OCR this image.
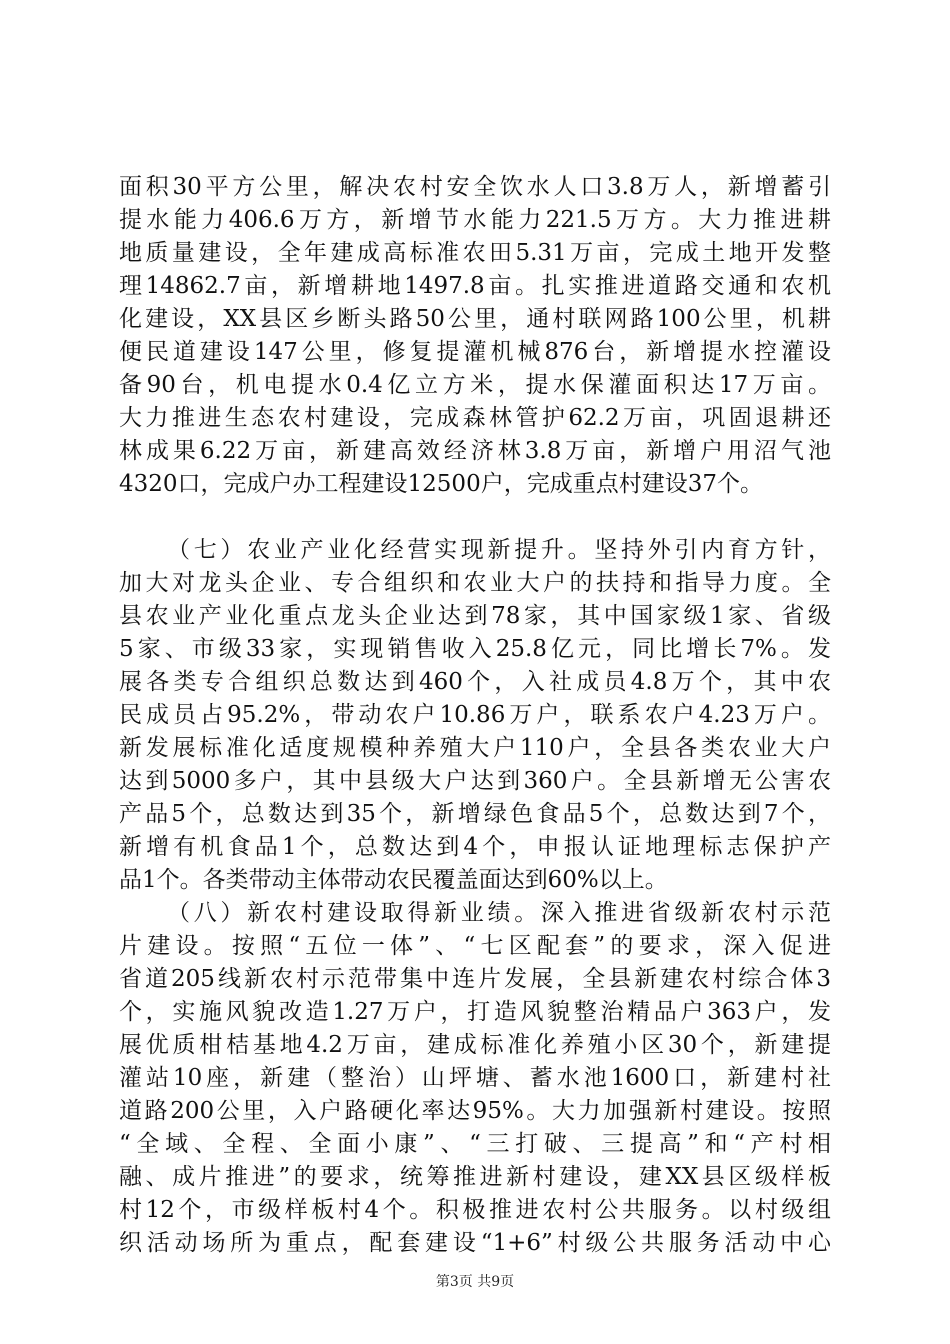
面积30平方公里，解决农村安全饮水人口3.8万人，新增蓄引
提水能力406.6万方，新增节水能力221.5万方。大力推进耕
地质量建设，全年建成高标准农田5.31万亩，完成土地开发整
理14862.7亩，新增耕地1497.8亩。扎实推进道路交通和农机
化建设，XX县区乡断头路50公里，通村联网路100公里，机耕
便民道建设147公里，修复提灌机械876台，新增提水控灌设
备90台，机电提水0.4亿立方米，提水保灌面积达17万亩。
大力推进生态农村建设，完成森林管护62.2万亩，巩固退耕还
林成果6.22万亩，新建高效经济林3.8万亩，新增户用沼气池
4320口，完成户办工程建设12500户，完成重点村建设37个。
（七）农业产业化经营实现新提升。坚持外引内育方针，
加大对龙头企业、专合组织和农业大户的扶持和指导力度。全
县农业产业化重点龙头企业达到78家，其中国家级1家、省级
5家、市级33家，实现销售收入25.8亿元，同比增长7%。发
展各类专合组织总数达到460个，入社成员4.8万个，其中农
民成员占95.2%，带动农户10.86万户，联系农户4.23万户。
新发展标准化适度规模种养殖大户110户，全县各类农业大户
达到5000多户，其中县级大户达到360户。全县新增无公害农
产品5个，总数达到35个，新增绿色食品5个，总数达到7个，
新增有机食品1个，总数达到4个，申报认证地理标志保护产
品1个。各类带动主体带动农民覆盖面达到60%以上。
（八）新农村建设取得新业绩。深入推进省级新农村示范
片建设。按照“五位一体”、“七区配套”的要求，深入促进
省道205线新农村示范带集中连片发展，全县新建农村综合体3
个，实施风貌改造1.27万户，打造风貌整治精品户363户，发
展优质柑桔基地4.2万亩，建成标准化养殖小区30个，新建提
灌站10座，新建（整治）山坪塘、蓄水池1600口，新建村社
道路200公里，入户路硬化率达95%。大力加强新村建设。按照
“全域、全程、全面小康”、“三打破、三提高”和“产村相
融、成片推进”的要求，统筹推进新村建设，建XX县区级样板
村12个，市级样板村4个。积极推进农村公共服务。以村级组
织活动场所为重点，配套建设“1+6”村级公共服务活动中心
第3页 共9页
